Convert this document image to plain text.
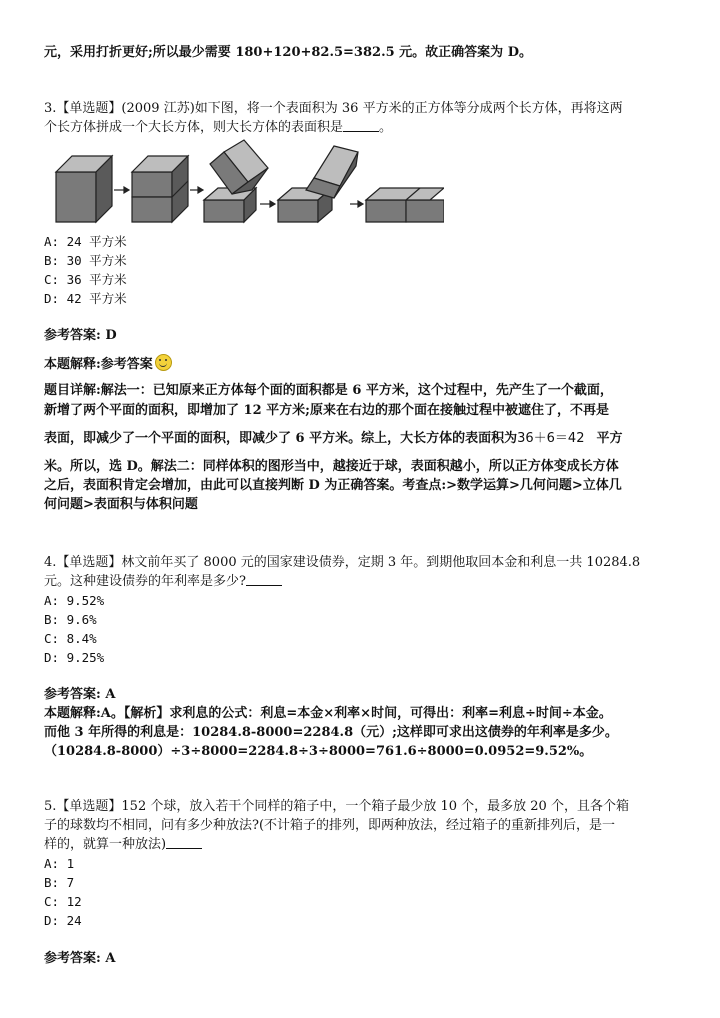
元，采用打折更好;所以最少需要 180+120+82.5=382.5 元。故正确答案为 D。
3.【单选题】(2009 江苏)如下图，将一个表面积为 36 平方米的正方体等分成两个长方体，再将这两
个长方体拼成一个大长方体，则大长方体的表面积是	。
A: 24 平方米
B: 30 平方米
C: 36 平方米
D: 42 平方米
参考答案: D
本题解释:参考答案
题目详解:解法一：已知原来正方体每个面的面积都是 6 平方米，这个过程中，先产生了一个截面，
新增了两个平面的面积，即增加了 12 平方米;原来在右边的那个面在接触过程中被遮住了，不再是
表面，即减少了一个平面的面积，即减少了 6 平方米。综上，大长方体的表面积为36＋6＝42 平方
米。所以，选 D。解法二：同样体积的图形当中，越接近于球，表面积越小，所以正方体变成长方体
之后，表面积肯定会增加，由此可以直接判断 D 为正确答案。考查点:>数学运算>几何问题>立体几
何问题>表面积与体积问题
4.【单选题】林文前年买了 8000 元的国家建设债券，定期 3 年。到期他取回本金和利息一共 10284.8
元。这种建设债券的年利率是多少?
A: 9.52%
B: 9.6%
C: 8.4%
D: 9.25%
参考答案: A
本题解释:A。【解析】求利息的公式：利息=本金×利率×时间，可得出：利率=利息÷时间÷本金。
而他 3 年所得的利息是：10284.8-8000=2284.8（元）;这样即可求出这债券的年利率是多少。
（10284.8-8000）÷3÷8000=2284.8÷3÷8000=761.6÷8000=0.0952=9.52%。
5.【单选题】152 个球，放入若干个同样的箱子中，一个箱子最少放 10 个，最多放 20 个，且各个箱
子的球数均不相同，问有多少种放法?(不计箱子的排列，即两种放法，经过箱子的重新排列后，是一
样的，就算一种放法)
A: 1
B: 7
C: 12
D: 24
参考答案: A
